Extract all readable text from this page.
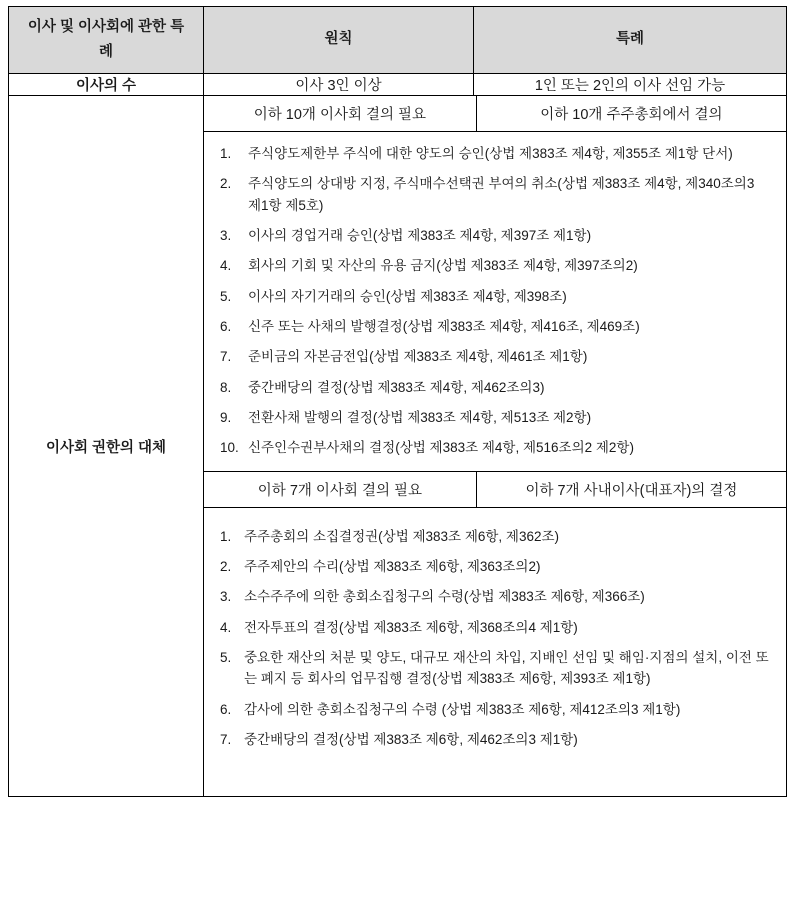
이사 및 이사회에 관한 특례	원칙	특례
이사의 수	이사 3인 이상	1인 또는 2인의 이사 선임 가능
이사회 권한의 대체	
이하 10개 이사회 결의 필요	이하 10개 주주총회에서 결의

1.	주식양도제한부 주식에 대한 양도의 승인(상법 제383조 제4항, 제355조 제1항 단서)
2.	주식양도의 상대방 지정, 주식매수선택권 부여의 취소(상법 제383조 제4항, 제340조의3 제1항 제5호)
3.	이사의 경업거래 승인(상법 제383조 제4항, 제397조 제1항)
4.	회사의 기회 및 자산의 유용 금지(상법 제383조 제4항, 제397조의2)
5.	이사의 자기거래의 승인(상법 제383조 제4항, 제398조)
6.	신주 또는 사채의 발행결정(상법 제383조 제4항, 제416조, 제469조)
7.	준비금의 자본금전입(상법 제383조 제4항, 제461조 제1항)
8.	중간배당의 결정(상법 제383조 제4항, 제462조의3)
9.	전환사채 발행의 결정(상법 제383조 제4항, 제513조 제2항)
10. 신주인수권부사채의 결정(상법 제383조 제4항, 제516조의2 제2항)

이하 7개 이사회 결의 필요	이하 7개 사내이사(대표자)의 결정

1. 주주총회의 소집결정권(상법 제383조 제6항, 제362조)
2. 주주제안의 수리(상법 제383조 제6항, 제363조의2)
3. 소수주주에 의한 총회소집청구의 수령(상법 제383조 제6항, 제366조)
4. 전자투표의 결정(상법 제383조 제6항, 제368조의4 제1항)
5. 중요한 재산의 처분 및 양도, 대규모 재산의 차입, 지배인 선임 및 해임·지점의 설치, 이전 또는 폐지 등 회사의 업무집행 결정(상법 제383조 제6항, 제393조 제1항)
6. 감사에 의한 총회소집청구의 수령 (상법 제383조 제6항, 제412조의3 제1항)
7. 중간배당의 결정(상법 제383조 제6항, 제462조의3 제1항)
